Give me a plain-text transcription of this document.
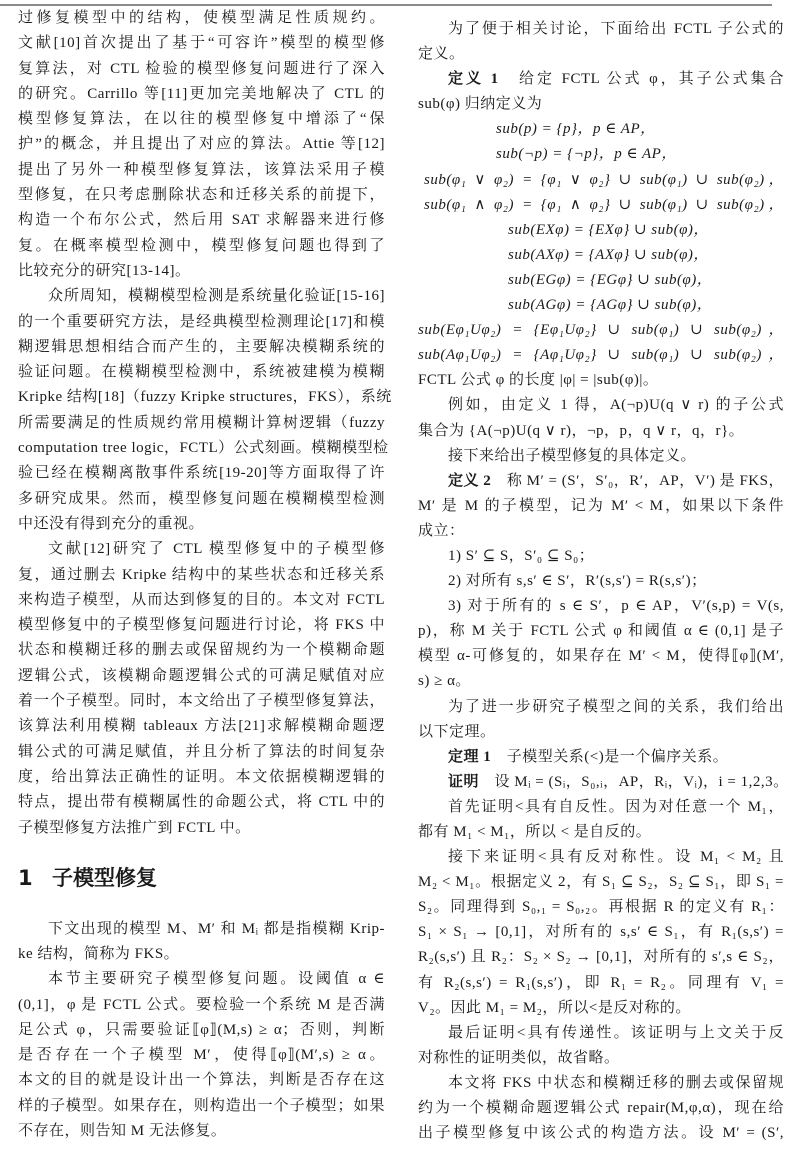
过修复模型中的结构，使模型满足性质规约。
文献[10]首次提出了基于“可容许”模型的模型修
复算法，对 CTL 检验的模型修复问题进行了深入
的研究。Carrillo 等[11]更加完美地解决了 CTL 的
模型修复算法，在以往的模型修复中增添了“保
护”的概念，并且提出了对应的算法。Attie 等[12]
提出了另外一种模型修复算法，该算法采用子模
型修复，在只考虑删除状态和迁移关系的前提下，
构造一个布尔公式，然后用 SAT 求解器来进行修
复。在概率模型检测中，模型修复问题也得到了
比较充分的研究[13-14]。
众所周知，模糊模型检测是系统量化验证[15-16]
的一个重要研究方法，是经典模型检测理论[17]和模
糊逻辑思想相结合而产生的，主要解决模糊系统的
验证问题。在模糊模型检测中，系统被建模为模糊
Kripke 结构[18]（fuzzy Kripke structures，FKS），系统
所需要满足的性质规约常用模糊计算树逻辑（fuzzy
computation tree logic，FCTL）公式刻画。模糊模型检
验已经在模糊离散事件系统[19-20]等方面取得了许
多研究成果。然而，模型修复问题在模糊模型检测
中还没有得到充分的重视。
文献[12]研究了 CTL 模型修复中的子模型修
复，通过删去 Kripke 结构中的某些状态和迁移关系
来构造子模型，从而达到修复的目的。本文对 FCTL
模型修复中的子模型修复问题进行讨论，将 FKS 中
状态和模糊迁移的删去或保留规约为一个模糊命题
逻辑公式，该模糊命题逻辑公式的可满足赋值对应
着一个子模型。同时，本文给出了子模型修复算法，
该算法利用模糊 tableaux 方法[21]求解模糊命题逻
辑公式的可满足赋值，并且分析了算法的时间复杂
度，给出算法正确性的证明。本文依据模糊逻辑的
特点，提出带有模糊属性的命题公式，将 CTL 中的
子模型修复方法推广到 FCTL 中。
1 子模型修复
下文出现的模型 M、M′ 和 Mᵢ 都是指模糊 Krip-
ke 结构，简称为 FKS。
本节主要研究子模型修复问题。设阈值 α ∈
(0,1]，φ 是 FCTL 公式。要检验一个系统 M 是否满
足公式 φ，只需要验证⟦φ⟧(M,s) ≥ α；否则，判断
是否存在一个子模型 M′，使得⟦φ⟧(M′,s) ≥ α。
本文的目的就是设计出一个算法，判断是否存在这
样的子模型。如果存在，则构造出一个子模型；如果
不存在，则告知 M 无法修复。
为了便于相关讨论，下面给出 FCTL 子公式的
定义。
定义 1　给定 FCTL 公式 φ，其子公式集合
sub(φ) 归纳定义为
sub(p) = {p}，p ∈ AP，
sub(¬p) = {¬p}，p ∈ AP，
sub(φ₁ ∨ φ₂) = {φ₁ ∨ φ₂} ∪ sub(φ₁) ∪ sub(φ₂)，
sub(φ₁ ∧ φ₂) = {φ₁ ∧ φ₂} ∪ sub(φ₁) ∪ sub(φ₂)，
sub(EXφ) = {EXφ} ∪ sub(φ)，
sub(AXφ) = {AXφ} ∪ sub(φ)，
sub(EGφ) = {EGφ} ∪ sub(φ)，
sub(AGφ) = {AGφ} ∪ sub(φ)，
sub(Eφ₁Uφ₂) = {Eφ₁Uφ₂} ∪ sub(φ₁) ∪ sub(φ₂)，
sub(Aφ₁Uφ₂) = {Aφ₁Uφ₂} ∪ sub(φ₁) ∪ sub(φ₂)，
FCTL 公式 φ 的长度 |φ| = |sub(φ)|。
例如，由定义 1 得，A(¬p)U(q ∨ r) 的子公式
集合为 {A(¬p)U(q ∨ r)，¬p，p，q ∨ r，q，r}。
接下来给出子模型修复的具体定义。
定义 2　称 M′ = (S′，S′₀，R′，AP，V′) 是 FKS，
M′ 是 M 的子模型，记为 M′ < M，如果以下条件
成立：
1) S′ ⊆ S，S′₀ ⊆ S₀；
2) 对所有 s,s′ ∈ S′，R′(s,s′) = R(s,s′)；
3) 对于所有的 s ∈ S′，p ∈ AP，V′(s,p) = V(s,
p)，称 M 关于 FCTL 公式 φ 和阈值 α ∈ (0,1] 是子
模型 α-可修复的，如果存在 M′ < M，使得⟦φ⟧(M′,
s) ≥ α。
为了进一步研究子模型之间的关系，我们给出
以下定理。
定理 1　子模型关系(<)是一个偏序关系。
证明　设 Mᵢ = (Sᵢ，S₀,ᵢ，AP，Rᵢ，Vᵢ)，i = 1,2,3。
首先证明<具有自反性。因为对任意一个 M₁，
都有 M₁ < M₁，所以 < 是自反的。
接下来证明<具有反对称性。设 M₁ < M₂ 且
M₂ < M₁。根据定义 2，有 S₁ ⊆ S₂，S₂ ⊆ S₁，即 S₁ =
S₂。同理得到 S₀,₁ = S₀,₂。再根据 R 的定义有 R₁：
S₁ × S₁ → [0,1]，对所有的 s,s′ ∈ S₁，有 R₁(s,s′) =
R₂(s,s′) 且 R₂：S₂ × S₂ → [0,1]，对所有的 s′,s ∈ S₂，
有 R₂(s,s′) = R₁(s,s′)，即 R₁ = R₂。同理有 V₁ =
V₂。因此 M₁ = M₂，所以<是反对称的。
最后证明<具有传递性。该证明与上文关于反
对称性的证明类似，故省略。
本文将 FKS 中状态和模糊迁移的删去或保留规
约为一个模糊命题逻辑公式 repair(M,φ,α)，现在给
出子模型修复中该公式的构造方法。设 M′ = (S′,
